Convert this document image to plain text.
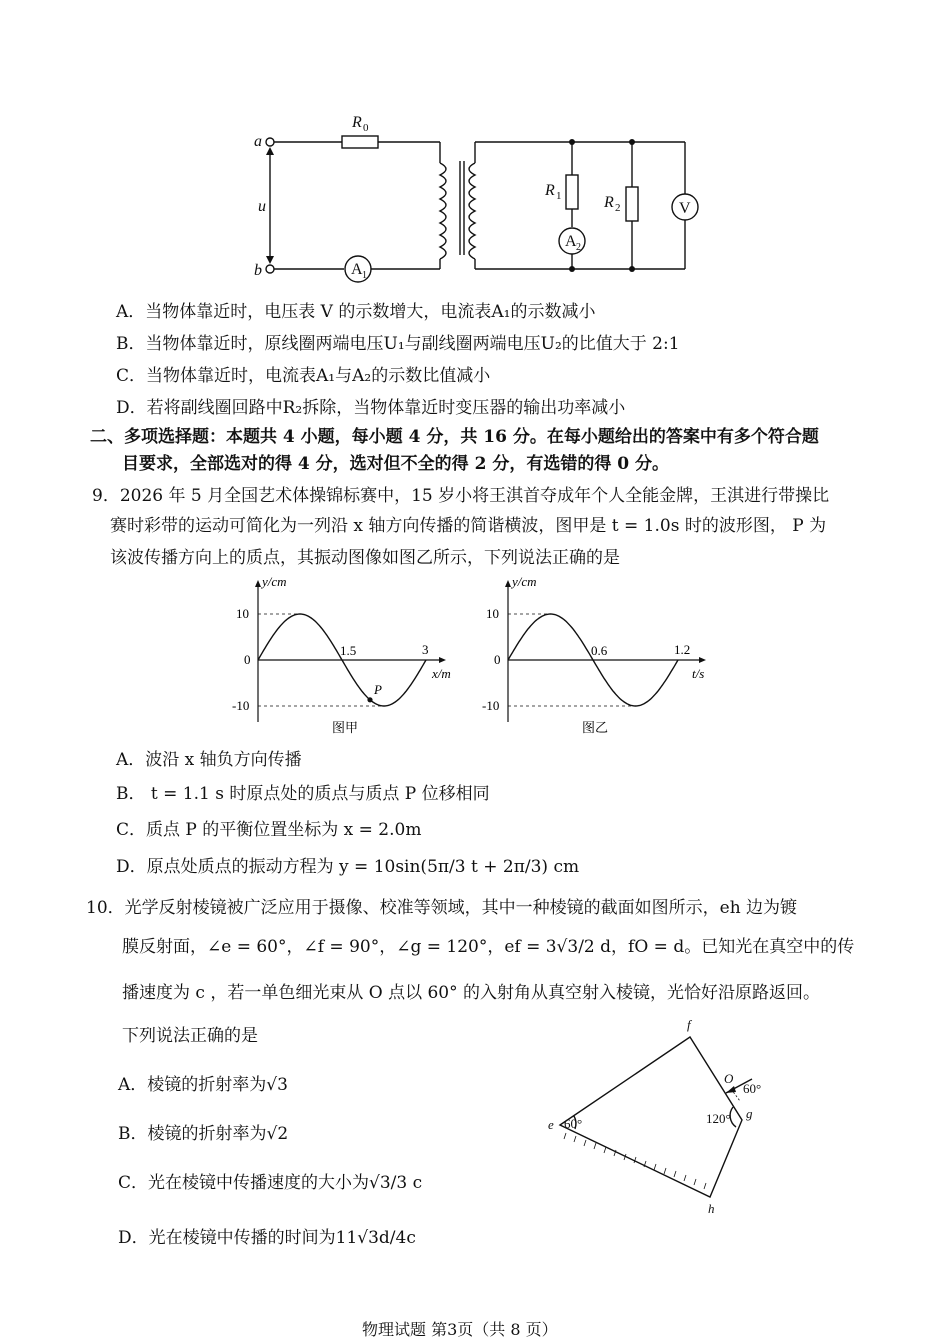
a
b
u
R 0
R 1	R 2
A 1
A 2
V
A．当物体靠近时，电压表 V 的示数增大，电流表A₁的示数减小
B．当物体靠近时，原线圈两端电压U₁与副线圈两端电压U₂的比值大于 2:1
C．当物体靠近时，电流表A₁与A₂的示数比值减小
D．若将副线圈回路中R₂拆除，当物体靠近时变压器的输出功率减小
二、多项选择题：本题共 4 小题，每小题 4 分，共 16 分。在每小题给出的答案中有多个符合题
目要求，全部选对的得 4 分，选对但不全的得 2 分，有选错的得 0 分。
9．2026 年 5 月全国艺术体操锦标赛中，15 岁小将王淇首夺成年个人全能金牌，王淇进行带操比
赛时彩带的运动可简化为一列沿 x 轴方向传播的简谐横波，图甲是 t = 1.0s 时的波形图， P 为
该波传播方向上的质点，其振动图像如图乙所示，下列说法正确的是
y/cm
10
0
-10
1.5	3
x/m
图甲
P
y/cm
10
0
-10
0.6	1.2
t/s
图乙
A．波沿 x 轴负方向传播
B． t = 1.1 s 时原点处的质点与质点 P 位移相同
C．质点 P 的平衡位置坐标为 x = 2.0m
D．原点处质点的振动方程为 y = 10sin(5π/3 t + 2π/3) cm
10．光学反射棱镜被广泛应用于摄像、校准等领域，其中一种棱镜的截面如图所示，eh 边为镀
膜反射面，∠e = 60°，∠f = 90°，∠g = 120°，ef = 3√3/2 d，fO = d。已知光在真空中的传
播速度为 c ，若一单色细光束从 O 点以 60° 的入射角从真空射入棱镜，光恰好沿原路返回。
下列说法正确的是
A．棱镜的折射率为√3
B．棱镜的折射率为√2
C．光在棱镜中传播速度的大小为√3/3 c
D．光在棱镜中传播的时间为11√3d/4c
e
f
g
h
O
60°	120°
60°
物理试题 第3页（共 8 页）
